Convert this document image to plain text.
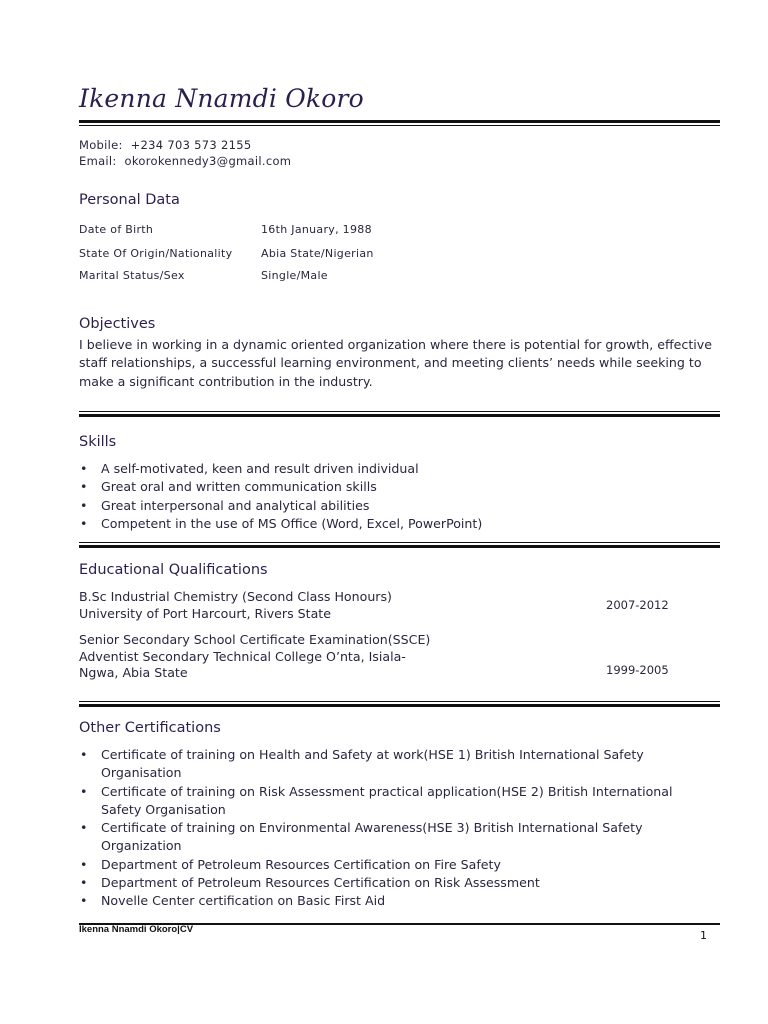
Ikenna Nnamdi Okoro
Mobile: +234 703 573 2155
Email: okorokennedy3@gmail.com
Personal Data
Date of Birth	16th January, 1988
State Of Origin/Nationality	Abia State/Nigerian
Marital Status/Sex	Single/Male
Objectives
I believe in working in a dynamic oriented organization where there is potential for growth, effective staff relationships, a successful learning environment, and meeting clients’ needs while seeking to make a significant contribution in the industry.
Skills
• A self-motivated, keen and result driven individual
• Great oral and written communication skills
• Great interpersonal and analytical abilities
• Competent in the use of MS Office (Word, Excel, PowerPoint)
Educational Qualifications
B.Sc Industrial Chemistry (Second Class Honours)
University of Port Harcourt, Rivers State
2007-2012
Senior Secondary School Certificate Examination(SSCE)
Adventist Secondary Technical College O’nta, Isiala-
Ngwa, Abia State	1999-2005
Other Certifications
• Certificate of training on Health and Safety at work(HSE 1) British International Safety
Organisation
• Certificate of training on Risk Assessment practical application(HSE 2) British International
Safety Organisation
• Certificate of training on Environmental Awareness(HSE 3) British International Safety
Organization
• Department of Petroleum Resources Certification on Fire Safety
• Department of Petroleum Resources Certification on Risk Assessment
• Novelle Center certification on Basic First Aid
Ikenna Nnamdi Okoro|CV	1
